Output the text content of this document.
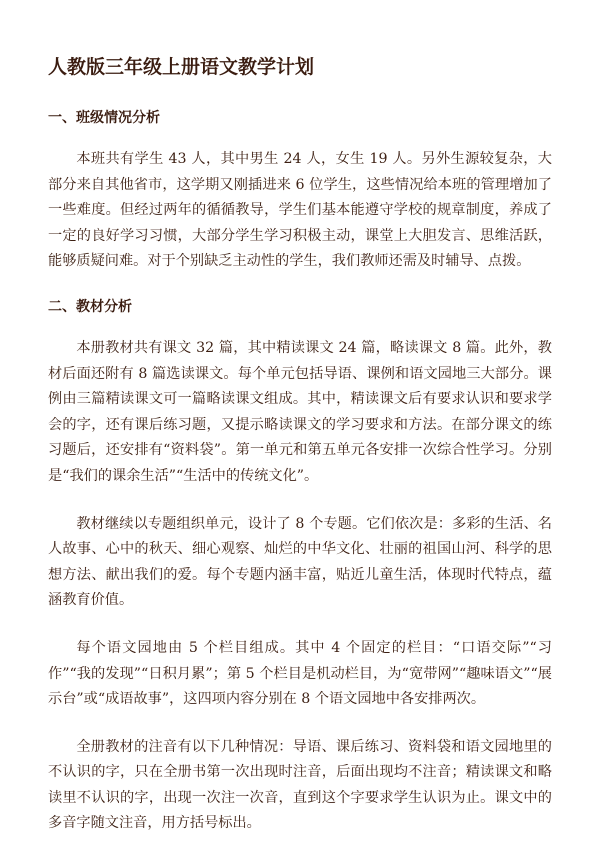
人教版三年级上册语文教学计划
一、班级情况分析

本班共有学生 43 人，其中男生 24 人，女生 19 人。另外生源较复杂，大部分来自其他省市，这学期又刚插进来 6 位学生，这些情况给本班的管理增加了一些难度。但经过两年的循循教导，学生们基本能遵守学校的规章制度，养成了一定的良好学习习惯，大部分学生学习积极主动，课堂上大胆发言、思维活跃，能够质疑问难。对于个别缺乏主动性的学生，我们教师还需及时辅导、点拨。

二、教材分析

本册教材共有课文 32 篇，其中精读课文 24 篇，略读课文 8 篇。此外，教材后面还附有 8 篇选读课文。每个单元包括导语、课例和语文园地三大部分。课例由三篇精读课文可一篇略读课文组成。其中，精读课文后有要求认识和要求学会的字，还有课后练习题，又提示略读课文的学习要求和方法。在部分课文的练习题后，还安排有“资料袋”。第一单元和第五单元各安排一次综合性学习。分别是“我们的课余生活”“生活中的传统文化”。

教材继续以专题组织单元，设计了 8 个专题。它们依次是：多彩的生活、名人故事、心中的秋天、细心观察、灿烂的中华文化、壮丽的祖国山河、科学的思想方法、献出我们的爱。每个专题内涵丰富，贴近儿童生活，体现时代特点，蕴涵教育价值。

每个语文园地由 5 个栏目组成。其中 4 个固定的栏目：“口语交际”“习作”“我的发现”“日积月累”；第 5 个栏目是机动栏目，为“宽带网”“趣味语文”“展示台”或“成语故事”，这四项内容分别在 8 个语文园地中各安排两次。

全册教材的注音有以下几种情况：导语、课后练习、资料袋和语文园地里的不认识的字，只在全册书第一次出现时注音，后面出现均不注音；精读课文和略读里不认识的字，出现一次注一次音，直到这个字要求学生认识为止。课文中的多音字随文注音，用方括号标出。
